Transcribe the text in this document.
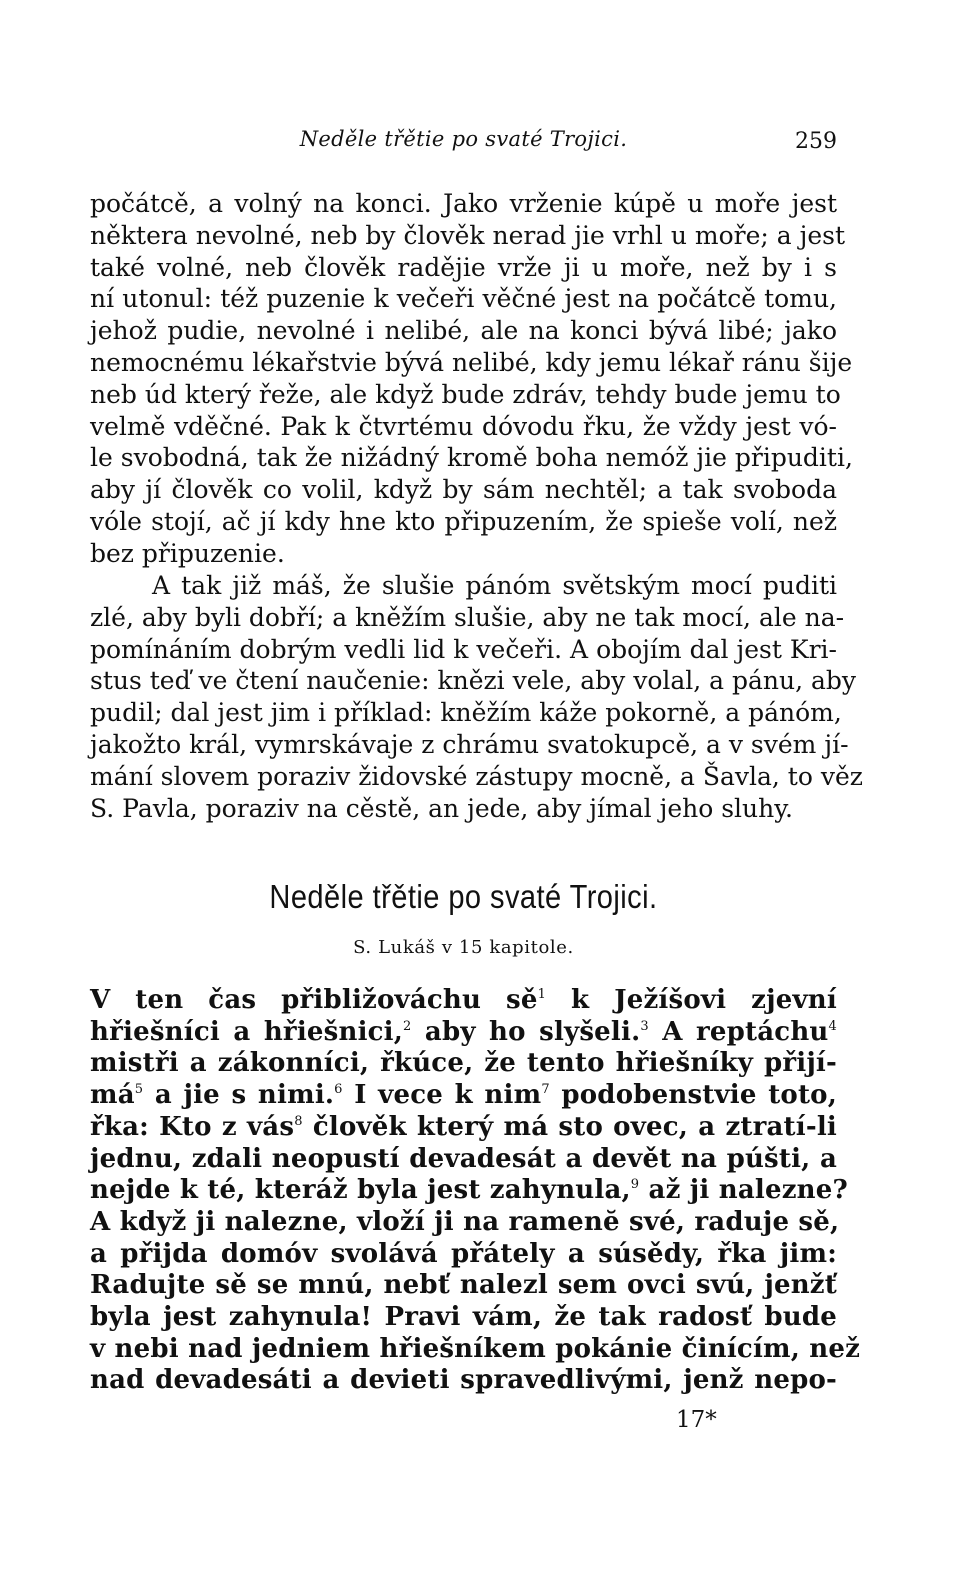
Neděle třětie po svaté Trojici.	259
počátcě, a volný na konci. Jako vrženie kúpě u moře jest
některa nevolné, neb by člověk nerad jie vrhl u moře; a jest
také volné, neb člověk radějie vrže ji u moře, než by i s
ní utonul: též puzenie k večeři věčné jest na počátcě tomu,
jehož pudie, nevolné i nelibé, ale na konci bývá libé; jako
nemocnému lékařstvie bývá nelibé, kdy jemu lékař ránu šije
neb úd který řeže, ale když bude zdráv, tehdy bude jemu to
velmě vděčné. Pak k čtvrtému dóvodu řku, že vždy jest vó-
le svobodná, tak že nižádný kromě boha nemóž jie připuditi,
aby jí člověk co volil, když by sám nechtěl; a tak svoboda
vóle stojí, ač jí kdy hne kto připuzením, že spieše volí, než
bez připuzenie.
A tak již máš, že slušie pánóm světským mocí puditi
zlé, aby byli dobří; a kněžím slušie, aby ne tak mocí, ale na-
pomínáním dobrým vedli lid k večeři. A obojím dal jest Kri-
stus teď ve čtení naučenie: knězi vele, aby volal, a pánu, aby
pudil; dal jest jim i příklad: kněžím káže pokorně, a pánóm,
jakožto král, vymrskávaje z chrámu svatokupcě, a v svém jí-
mání slovem poraziv židovské zástupy mocně, a Šavla, to věz
S. Pavla, poraziv na cěstě, an jede, aby jímal jeho sluhy.
Neděle třětie po svaté Trojici.
S. Lukáš v 15 kapitole.
V ten čas přibližováchu $sě^1$ k Ježíšovi zjevní
hřiešníci a hřiešnici,$^2$ aby ho slyšeli.$^3$ A reptáchu$^4$
mistři a zákonníci, řkúce, že tento hřiešníky přijí-
$má^5$ a jie s nimi.$^6$ I vece k nim$^7$ podobenstvie toto,
řka: Kto z vás$^8$ člověk který má sto ovec, a ztratí-li
jednu, zdali neopustí devadesát a devět na púšti, a
nejde k té, kteráž byla jest zahynula,$^9$ až ji nalezne?
A když ji nalezne, vloží ji na ramenĕ své, raduje sě,
a přijda domóv svolává přátely a súsědy, řka jim:
Radujte sě se mnú, nebť nalezl sem ovci svú, jenžť
byla jest zahynula! Pravi vám, že tak radosť bude
v nebi nad jedniem hřiešníkem pokánie činícím, než
nad devadesáti a devieti spravedlivými, jenž nepo-
17*
